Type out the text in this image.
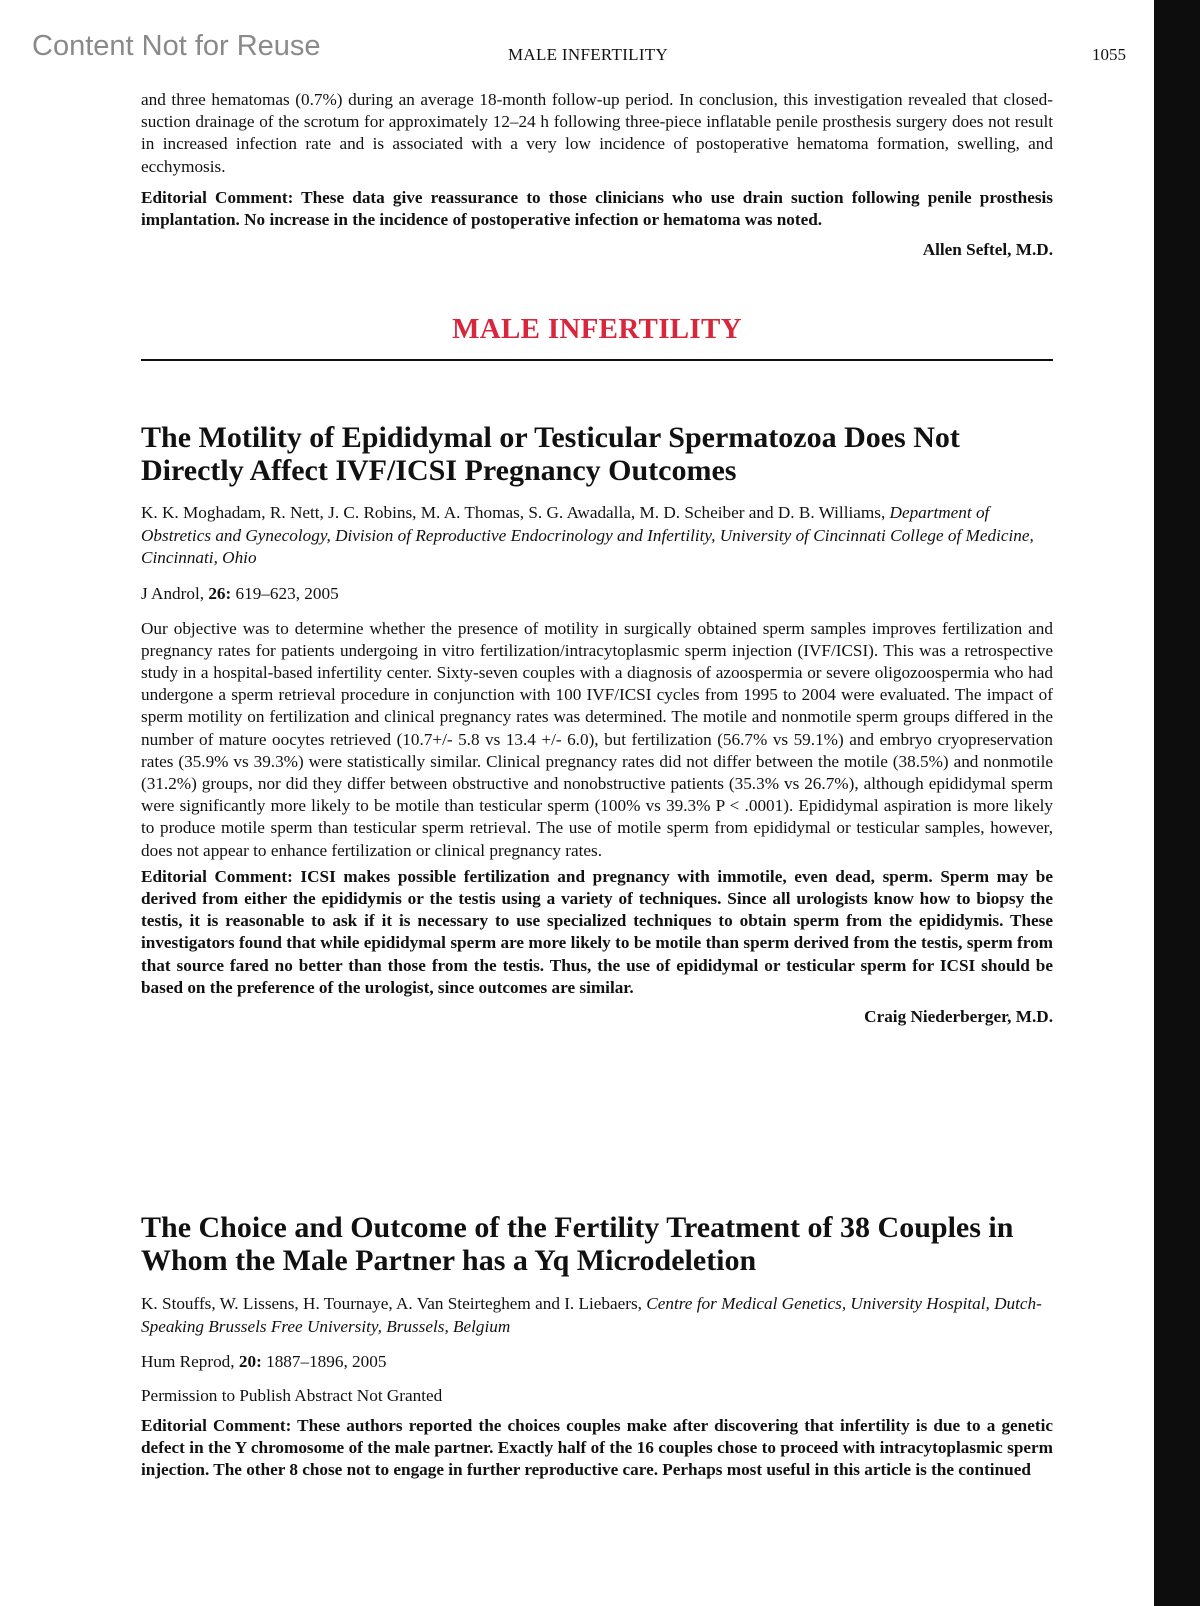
Content Not for Reuse	MALE INFERTILITY	1055

and three hematomas (0.7%) during an average 18-month follow-up period. In conclusion, this investigation revealed that closed-suction drainage of the scrotum for approximately 12–24 h following three-piece inflatable penile prosthesis surgery does not result in increased infection rate and is associated with a very low incidence of postoperative hematoma formation, swelling, and ecchymosis.

Editorial Comment: These data give reassurance to those clinicians who use drain suction following penile prosthesis implantation. No increase in the incidence of postoperative infection or hematoma was noted.

Allen Seftel, M.D.

MALE INFERTILITY
The Motility of Epididymal or Testicular Spermatozoa Does Not Directly Affect IVF/ICSI Pregnancy Outcomes

K. K. Moghadam, R. Nett, J. C. Robins, M. A. Thomas, S. G. Awadalla, M. D. Scheiber and D. B. Williams, Department of Obstretics and Gynecology, Division of Reproductive Endocrinology and Infertility, University of Cincinnati College of Medicine, Cincinnati, Ohio

J Androl, 26: 619–623, 2005

Our objective was to determine whether the presence of motility in surgically obtained sperm samples improves fertilization and pregnancy rates for patients undergoing in vitro fertilization/intracytoplasmic sperm injection (IVF/ICSI). This was a retrospective study in a hospital-based infertility center. Sixty-seven couples with a diagnosis of azoospermia or severe oligozoospermia who had undergone a sperm retrieval procedure in conjunction with 100 IVF/ICSI cycles from 1995 to 2004 were evaluated. The impact of sperm motility on fertilization and clinical pregnancy rates was determined. The motile and nonmotile sperm groups differed in the number of mature oocytes retrieved (10.7+/- 5.8 vs 13.4 +/- 6.0), but fertilization (56.7% vs 59.1%) and embryo cryopreservation rates (35.9% vs 39.3%) were statistically similar. Clinical pregnancy rates did not differ between the motile (38.5%) and nonmotile (31.2%) groups, nor did they differ between obstructive and nonobstructive patients (35.3% vs 26.7%), although epididymal sperm were significantly more likely to be motile than testicular sperm (100% vs 39.3% P < .0001). Epididymal aspiration is more likely to produce motile sperm than testicular sperm retrieval. The use of motile sperm from epididymal or testicular samples, however, does not appear to enhance fertilization or clinical pregnancy rates.

Editorial Comment: ICSI makes possible fertilization and pregnancy with immotile, even dead, sperm. Sperm may be derived from either the epididymis or the testis using a variety of techniques. Since all urologists know how to biopsy the testis, it is reasonable to ask if it is necessary to use specialized techniques to obtain sperm from the epididymis. These investigators found that while epididymal sperm are more likely to be motile than sperm derived from the testis, sperm from that source fared no better than those from the testis. Thus, the use of epididymal or testicular sperm for ICSI should be based on the preference of the urologist, since outcomes are similar.

Craig Niederberger, M.D.

The Choice and Outcome of the Fertility Treatment of 38 Couples in Whom the Male Partner has a Yq Microdeletion

K. Stouffs, W. Lissens, H. Tournaye, A. Van Steirteghem and I. Liebaers, Centre for Medical Genetics, University Hospital, Dutch-Speaking Brussels Free University, Brussels, Belgium

Hum Reprod, 20: 1887–1896, 2005

Permission to Publish Abstract Not Granted

Editorial Comment: These authors reported the choices couples make after discovering that infertility is due to a genetic defect in the Y chromosome of the male partner. Exactly half of the 16 couples chose to proceed with intracytoplasmic sperm injection. The other 8 chose not to engage in further reproductive care. Perhaps most useful in this article is the continued
